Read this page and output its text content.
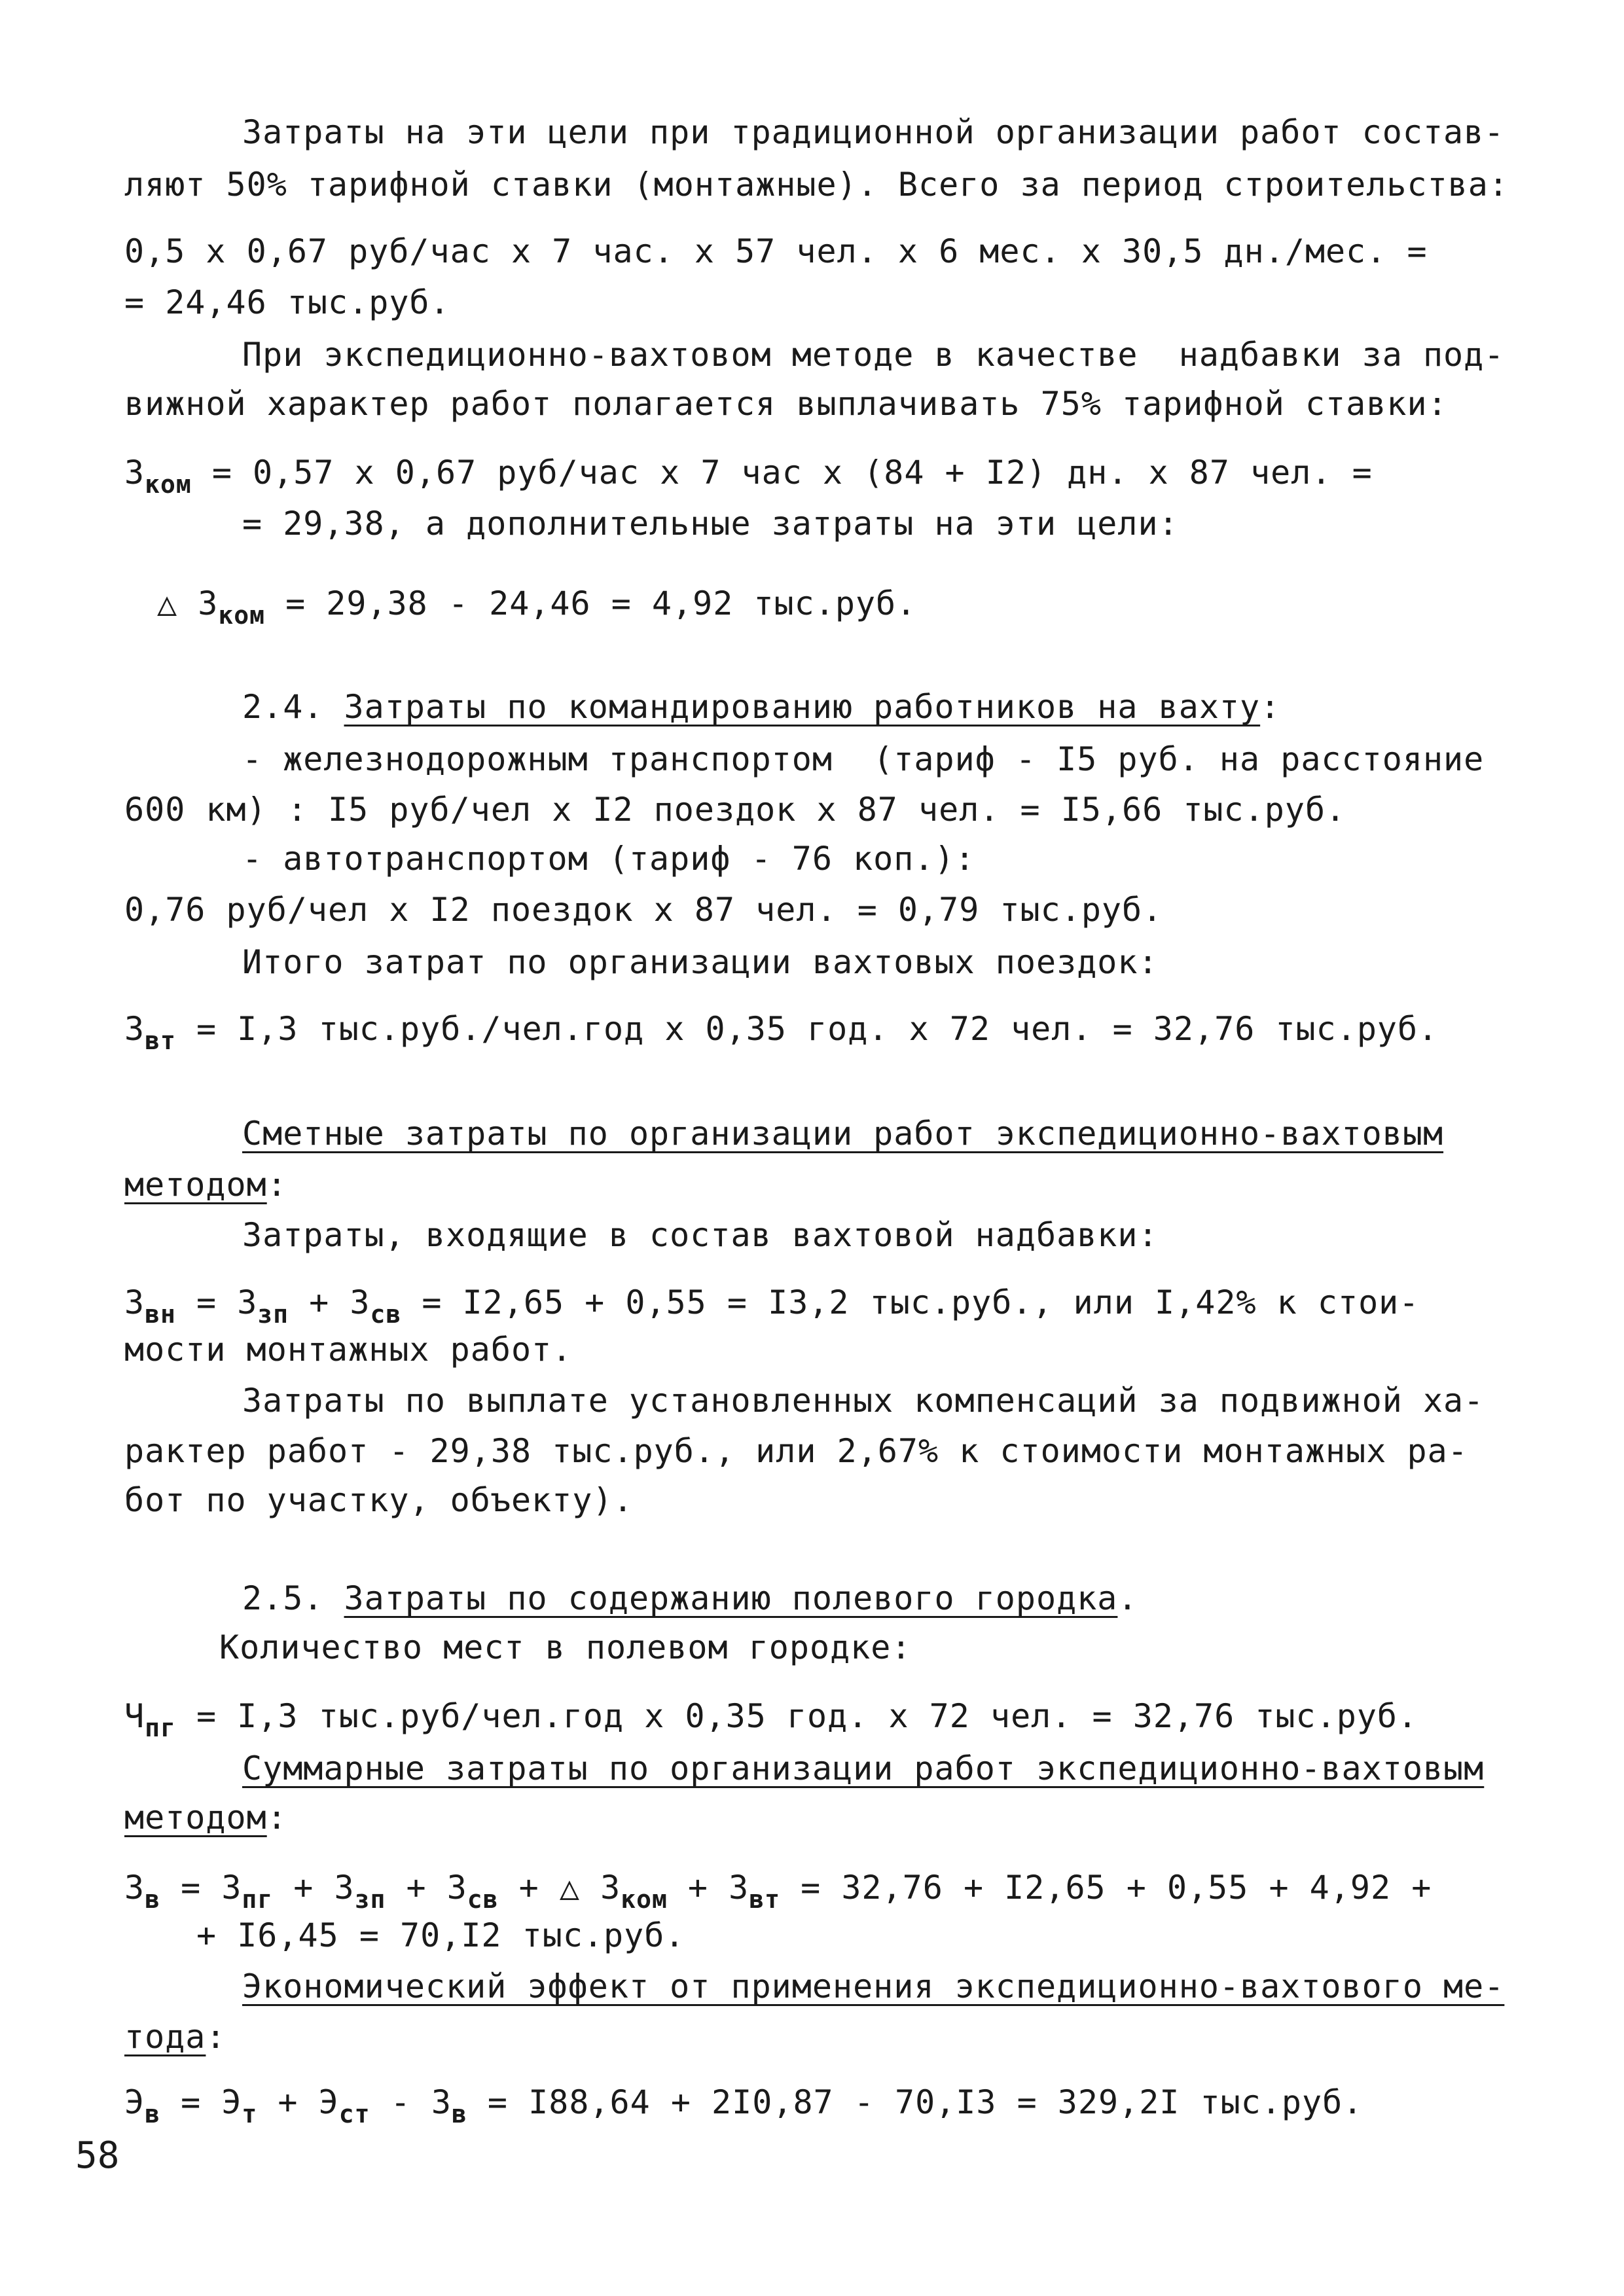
Затраты на эти цели при традиционной организации работ состав-
ляют 50% тарифной ставки (монтажные). Всего за период строительства:
0,5 x 0,67 руб/час x 7 час. x 57 чел. x 6 мес. x 30,5 дн./мес. =
= 24,46 тыс.руб.
При экспедиционно-вахтовом методе в качестве  надбавки за под-
вижной характер работ полагается выплачивать 75% тарифной ставки:
$З_{ком} = 0,57$ x 0,67 руб/час x 7 час x (84 + I2) дн. x 87 чел. =
= 29,38, а дополнительные затраты на эти цели:
△ $З_{ком} = 29,38 - 24,46 = 4,92$ тыс.руб.
2.4. Затраты по командированию работников на вахту:
- железнодорожным транспортом  (тариф - I5 руб. на расстояние
600 км) : I5 руб/чел x I2 поездок x 87 чел. = I5,66 тыс.руб.
- автотранспортом (тариф - 76 коп.):
0,76 руб/чел x I2 поездок x 87 чел. = 0,79 тыс.руб.
Итого затрат по организации вахтовых поездок:
$З_{вт} = I,3$ тыс.руб./чел.год x 0,35 год. x 72 чел. = 32,76 тыс.руб.
Сметные затраты по организации работ экспедиционно-вахтовым
методом:
Затраты, входящие в состав вахтовой надбавки:
$З_{вн} = З_{зп} + З_{св} = I2,65 + 0,55 = I3,2$ тыс.руб., или I,42% к стои-
мости монтажных работ.
Затраты по выплате установленных компенсаций за подвижной ха-
рактер работ - 29,38 тыс.руб., или 2,67% к стоимости монтажных ра-
бот по участку, объекту).
2.5. Затраты по содержанию полевого городка.
Количество мест в полевом городке:
$Ч_{пг} = I,3$ тыс.руб/чел.год x 0,35 год. x 72 чел. = 32,76 тыс.руб.
Суммарные затраты по организации работ экспедиционно-вахтовым
методом:
$З_в = З_{пг} + З_{зп} + З_{св}$ + △ $З_{ком} + З_{вт} = 32,76 + I2,65 + 0,55 + 4,92$ +
+ I6,45 = 70,I2 тыс.руб.
Экономический эффект от применения экспедиционно-вахтового ме-
тода:
$Э_в = Э_т + Э_{ст} - З_в = I88,64 + 2I0,87 - 70,I3 = 329,2I$ тыс.руб.
58
